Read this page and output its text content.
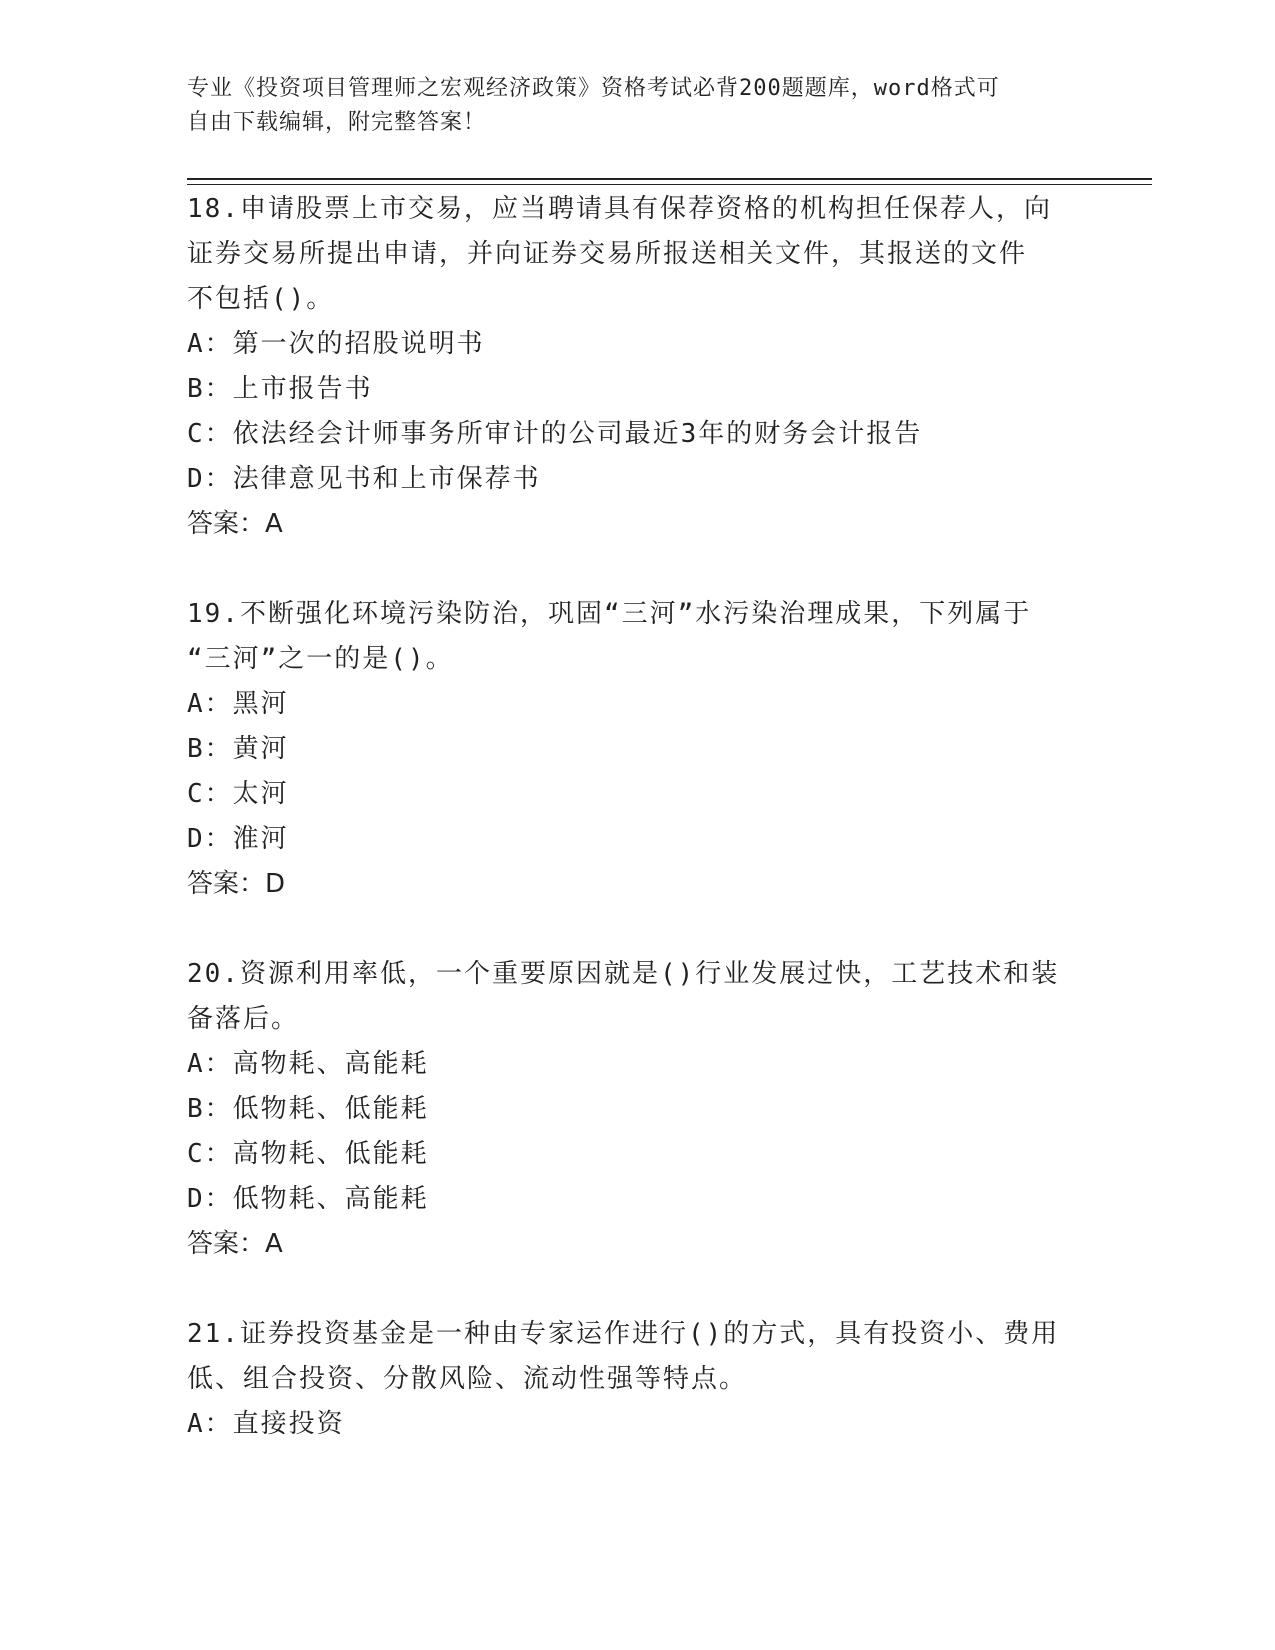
专业《投资项目管理师之宏观经济政策》资格考试必背200题题库，word格式可
自由下载编辑，附完整答案！

18.申请股票上市交易，应当聘请具有保荐资格的机构担任保荐人，向

证券交易所提出申请，并向证券交易所报送相关文件，其报送的文件

不包括()。

A：第一次的招股说明书

B：上市报告书

C：依法经会计师事务所审计的公司最近3年的财务会计报告

D：法律意见书和上市保荐书

答案：A

19.不断强化环境污染防治，巩固“三河”水污染治理成果，下列属于

“三河”之一的是()。

A：黑河

B：黄河

C：太河

D：淮河

答案：D

20.资源利用率低，一个重要原因就是()行业发展过快，工艺技术和装

备落后。

A：高物耗、高能耗

B：低物耗、低能耗

C：高物耗、低能耗

D：低物耗、高能耗

答案：A

21.证券投资基金是一种由专家运作进行()的方式，具有投资小、费用

低、组合投资、分散风险、流动性强等特点。

A：直接投资
